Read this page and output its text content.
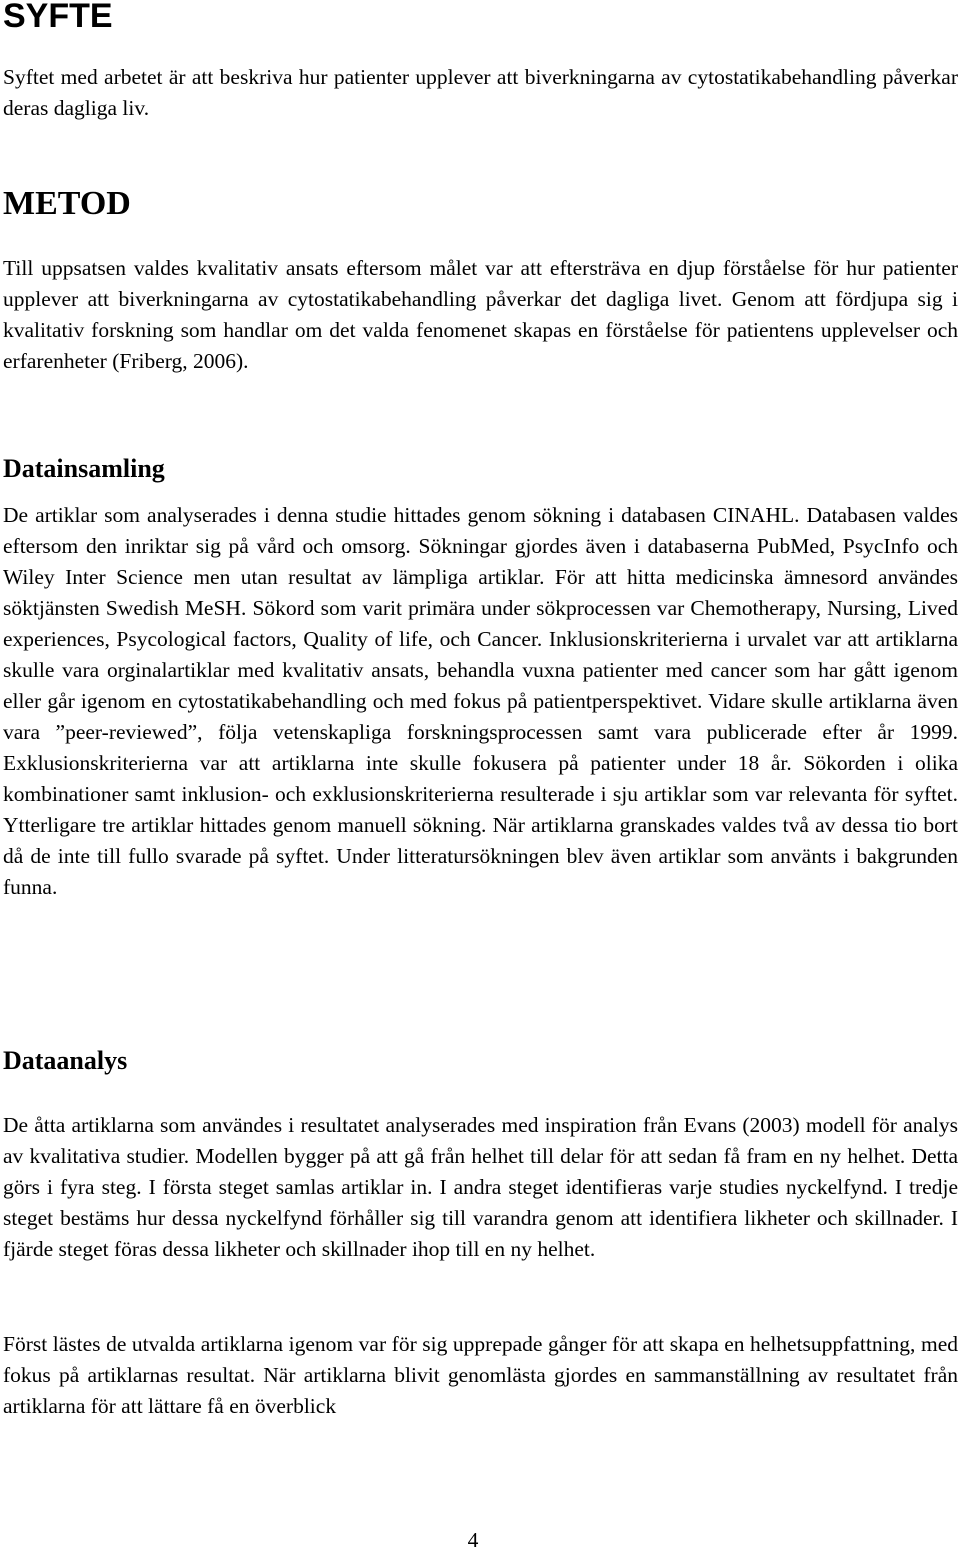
SYFTE

Syftet med arbetet är att beskriva hur patienter upplever att biverkningarna av cytostatikabehandling påverkar deras dagliga liv.

METOD

Till uppsatsen valdes kvalitativ ansats eftersom målet var att eftersträva en djup förståelse för hur patienter upplever att biverkningarna av cytostatikabehandling påverkar det dagliga livet. Genom att fördjupa sig i kvalitativ forskning som handlar om det valda fenomenet skapas en förståelse för patientens upplevelser och erfarenheter (Friberg, 2006).

Datainsamling

De artiklar som analyserades i denna studie hittades genom sökning i databasen CINAHL. Databasen valdes eftersom den inriktar sig på vård och omsorg. Sökningar gjordes även i databaserna PubMed, PsycInfo och Wiley Inter Science men utan resultat av lämpliga artiklar. För att hitta medicinska ämnesord användes söktjänsten Swedish MeSH. Sökord som varit primära under sökprocessen var Chemotherapy, Nursing, Lived experiences, Psycological factors, Quality of life, och Cancer. Inklusionskriterierna i urvalet var att artiklarna skulle vara orginalartiklar med kvalitativ ansats, behandla vuxna patienter med cancer som har gått igenom eller går igenom en cytostatikabehandling och med fokus på patientperspektivet. Vidare skulle artiklarna även vara ”peer-reviewed”, följa vetenskapliga forskningsprocessen samt vara publicerade efter år 1999. Exklusionskriterierna var att artiklarna inte skulle fokusera på patienter under 18 år. Sökorden i olika kombinationer samt inklusion- och exklusionskriterierna resulterade i sju artiklar som var relevanta för syftet. Ytterligare tre artiklar hittades genom manuell sökning. När artiklarna granskades valdes två av dessa tio bort då de inte till fullo svarade på syftet. Under litteratursökningen blev även artiklar som använts i bakgrunden funna.

Dataanalys

De åtta artiklarna som användes i resultatet analyserades med inspiration från Evans (2003) modell för analys av kvalitativa studier. Modellen bygger på att gå från helhet till delar för att sedan få fram en ny helhet. Detta görs i fyra steg. I första steget samlas artiklar in. I andra steget identifieras varje studies nyckelfynd. I tredje steget bestäms hur dessa nyckelfynd förhåller sig till varandra genom att identifiera likheter och skillnader. I fjärde steget föras dessa likheter och skillnader ihop till en ny helhet.

Först lästes de utvalda artiklarna igenom var för sig upprepade gånger för att skapa en helhetsuppfattning, med fokus på artiklarnas resultat. När artiklarna blivit genomlästa gjordes en sammanställning av resultatet från artiklarna för att lättare få en överblick

4
